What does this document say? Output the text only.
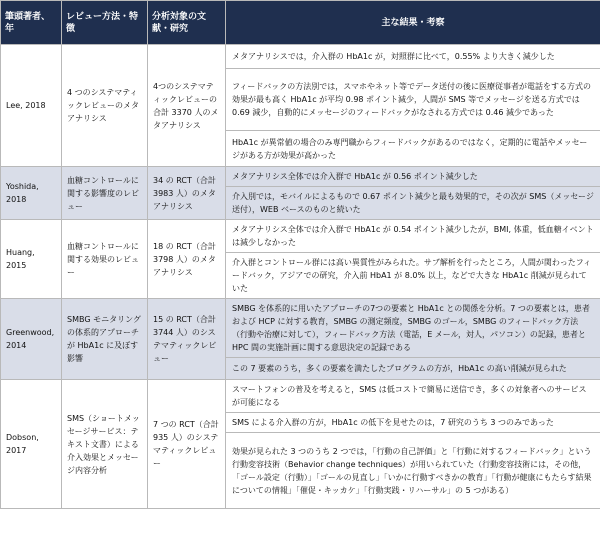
筆頭著者、年	レビュー方法・特徴	分析対象の文献・研究	主な結果・考察
Lee, 2018	4 つのシステマティックレビューのメタアナリシス	4つのシステマティックレビューの合計 3370 人のメタアナリシス	メタアナリシスでは，介入群の HbA1c が，対照群に比べて，0.55% より大きく減少した
			フィードバックの方法別では，スマホやネット等でデータ送付の後に医療従事者が電話をする方式の効果が最も高く HbA1c が平均 0.98 ポイント減少，人間が SMS 等でメッセージを送る方式では 0.69 減少，自動的にメッセージのフィードバックがなされる方式では 0.46 減少であった
			HbA1c が異常値の場合のみ専門職からフィードバックがあるのではなく，定期的に電話やメッセージがある方が効果が高かった
Yoshida, 2018	血糖コントロールに関する影響度のレビュー	34 の RCT（合計 3983 人）のメタアナリシス	メタアナリシス全体では介入群で HbA1c が 0.56 ポイント減少した
			介入別では，モバイルによるもので 0.67 ポイント減少と最も効果的で，その次が SMS（メッセージ送付），WEB ベースのものと続いた
Huang, 2015	血糖コントロールに関する効果のレビュー	18 の RCT（合計 3798 人）のメタアナリシス	メタアナリシス全体では介入群で HbA1c が 0.54 ポイント減少したが，BMI, 体重，低血糖イベントは減少しなかった
			介入群とコントロール群には高い異質性がみられた。サブ解析を行ったところ，人間が関わったフィードバック，アジアでの研究，介入前 HbA1 が 8.0% 以上，などで大きな HbA1c 削減が見られていた
Greenwood, 2014	SMBG モニタリングの体系的アプローチが HbA1c に及ぼす影響	15 の RCT（合計 3744 人）のシステマティックレビュー	SMBG を体系的に用いたアプローチの7つの要素と HbA1c との関係を分析。7 つの要素とは，患者および HCP に対する教育，SMBG の測定頻度，SMBG のゴール，SMBG のフィードバック方法（行動や治療に対して），フィードバック方法（電話，E メール，対人，パソコン）の記録，患者と HPC 間の実施計画に関する意思決定の記録である
			この 7 要素のうち，多くの要素を満たしたプログラムの方が，HbA1c の高い削減が見られた
Dobson, 2017	SMS（ショートメッセージサービス：テキスト文書）による介入効果とメッセージ内容分析	7 つの RCT（合計 935 人）のシステマティックレビュー	スマートフォンの普及を考えると，SMS は低コストで簡易に送信でき，多くの対象者へのサービスが可能になる
			SMS による介入群の方が，HbA1c の低下を見せたのは，7 研究のうち 3 つのみであった
			効果が見られた 3 つのうち 2 つでは，「行動の自己評価」と「行動に対するフィードバック」という行動変容技術（Behavior change techniques）が用いられていた（行動変容技術には，その他，「ゴール設定（行動）」「ゴールの見直し」「いかに行動すべきかの教育」「行動が健康にもたらす結果についての情報」「催促・キッカケ」「行動実践・リハーサル」の 5 つがある）
